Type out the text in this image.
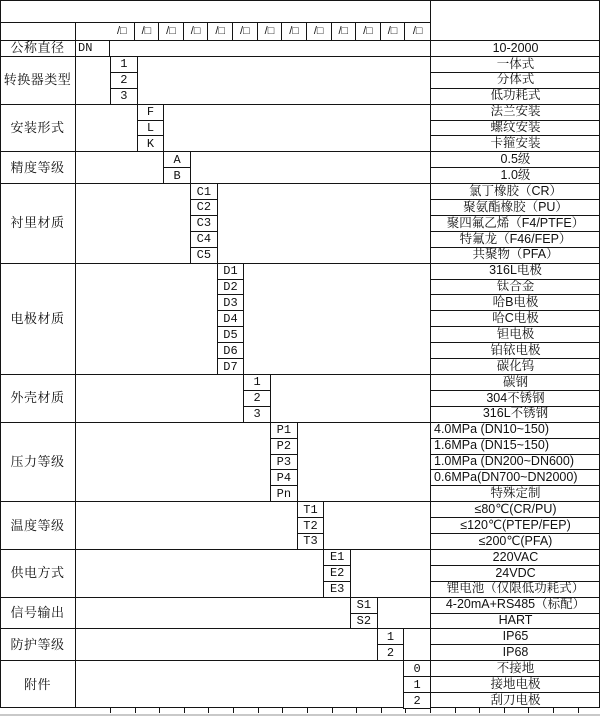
/□	/□	/□	/□	/□	/□	/□	/□	/□	/□	/□	/□	/□
公称直径	DN	10-2000
转换器类型
1	一体式
2	分体式
3	低功耗式
安装形式
F	法兰安装
L	螺纹安装
K	卡箍安装
精度等级	A	0.5级
B	1.0级
衬里材质
C1	氯丁橡胶（CR）
C2	聚氨酯橡胶（PU）
C3	聚四氟乙烯（F4/PTFE）
C4	特氟龙（F46/FEP）
C5	共聚物（PFA）
电极材质
D1	316L电极
D2	钛合金
D3	哈B电极
D4	哈C电极
D5	钽电极
D6	铂铱电极
D7	碳化钨
外壳材质
1	碳钢
2	304不锈钢
3	316L不锈钢
压力等级
P1	4.0MPa (DN10~150)
P2	1.6MPa (DN15~150)
P3	1.0MPa (DN200~DN600)
P4	0.6MPa(DN700~DN2000)
Pn	特殊定制
温度等级
T1	≤80℃(CR/PU)
T2	≤120℃(PTEP/FEP)
T3	≤200℃(PFA)
供电方式
E1	220VAC
E2	24VDC
E3	锂电池（仅限低功耗式）
信号输出	S1	4-20mA+RS485（标配）
S2	HART
防护等级	1	IP65
2	IP68
附件
0	不接地
1	接地电极
2	刮刀电极
